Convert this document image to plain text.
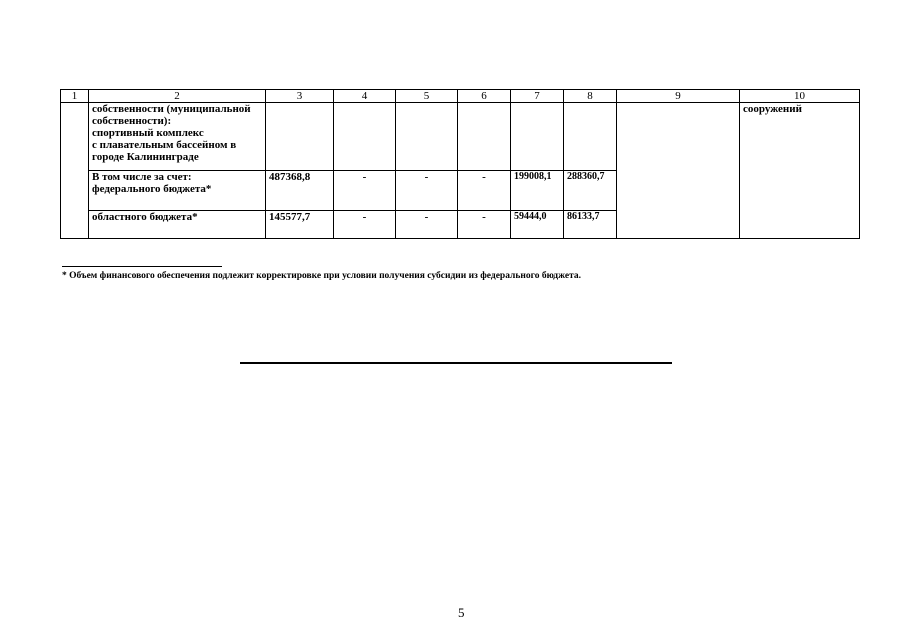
1	2	3	4	5	6	7	8	9	10

	собственности (муниципальной
собственности):
спортивный комплекс
с плавательным бассейном в
городе Калининграде								сооружений

	В том числе за счет:
федерального бюджета*	487368,8	-	-	-	199008,1	288360,7		

	областного бюджета*	145577,7	-	-	-	59444,0	86133,7		
* Объем финансового обеспечения подлежит корректировке при условии получения субсидии из федерального бюджета.
5
